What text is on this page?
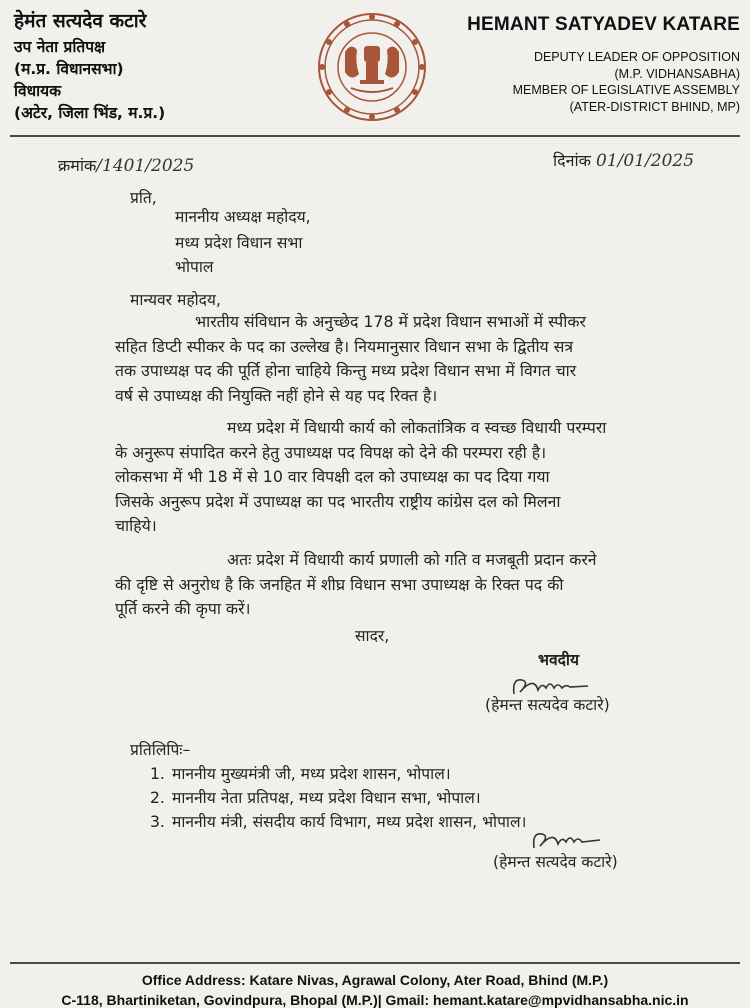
हेमंत सत्यदेव कटारे
उप नेता प्रतिपक्ष
(म.प्र. विधानसभा)
विधायक
(अटेर, जिला भिंड, म.प्र.)
HEMANT SATYADEV KATARE
DEPUTY LEADER OF OPPOSITION
(M.P. VIDHANSABHA)
MEMBER OF LEGISLATIVE ASSEMBLY
(ATER-DISTRICT BHIND, MP)
क्रमांक/1401/2025	दिनांक 01/01/2025
प्रति,
माननीय अध्यक्ष महोदय,
मध्य प्रदेश विधान सभा
भोपाल
मान्यवर महोदय,
भारतीय संविधान के अनुच्छेद 178 में प्रदेश विधान सभाओं में स्पीकर
सहित डिप्टी स्पीकर के पद का उल्लेख है। नियमानुसार विधान सभा के द्वितीय सत्र
तक उपाध्यक्ष पद की पूर्ति होना चाहिये किन्तु मध्य प्रदेश विधान सभा में विगत चार
वर्ष से उपाध्यक्ष की नियुक्ति नहीं होने से यह पद रिक्त है।
मध्य प्रदेश में विधायी कार्य को लोकतांत्रिक व स्वच्छ विधायी परम्परा
के अनुरूप संपादित करने हेतु उपाध्यक्ष पद विपक्ष को देने की परम्परा रही है।
लोकसभा में भी 18 में से 10 वार विपक्षी दल को उपाध्यक्ष का पद दिया गया
जिसके अनुरूप प्रदेश में उपाध्यक्ष का पद भारतीय राष्ट्रीय कांग्रेस दल को मिलना
चाहिये।
अतः प्रदेश में विधायी कार्य प्रणाली को गति व मजबूती प्रदान करने
की दृष्टि से अनुरोध है कि जनहित में शीघ्र विधान सभा उपाध्यक्ष के रिक्त पद की
पूर्ति करने की कृपा करें।
सादर,
भवदीय
(हेमन्त सत्यदेव कटारे)
प्रतिलिपिः–
1. माननीय मुख्यमंत्री जी, मध्य प्रदेश शासन, भोपाल।
2. माननीय नेता प्रतिपक्ष, मध्य प्रदेश विधान सभा, भोपाल।
3. माननीय मंत्री, संसदीय कार्य विभाग, मध्य प्रदेश शासन, भोपाल।
(हेमन्त सत्यदेव कटारे)
Office Address: Katare Nivas, Agrawal Colony, Ater Road, Bhind (M.P.)
C-118, Bhartiniketan, Govindpura, Bhopal (M.P.)| Gmail: hemant.katare@mpvidhansabha.nic.in
